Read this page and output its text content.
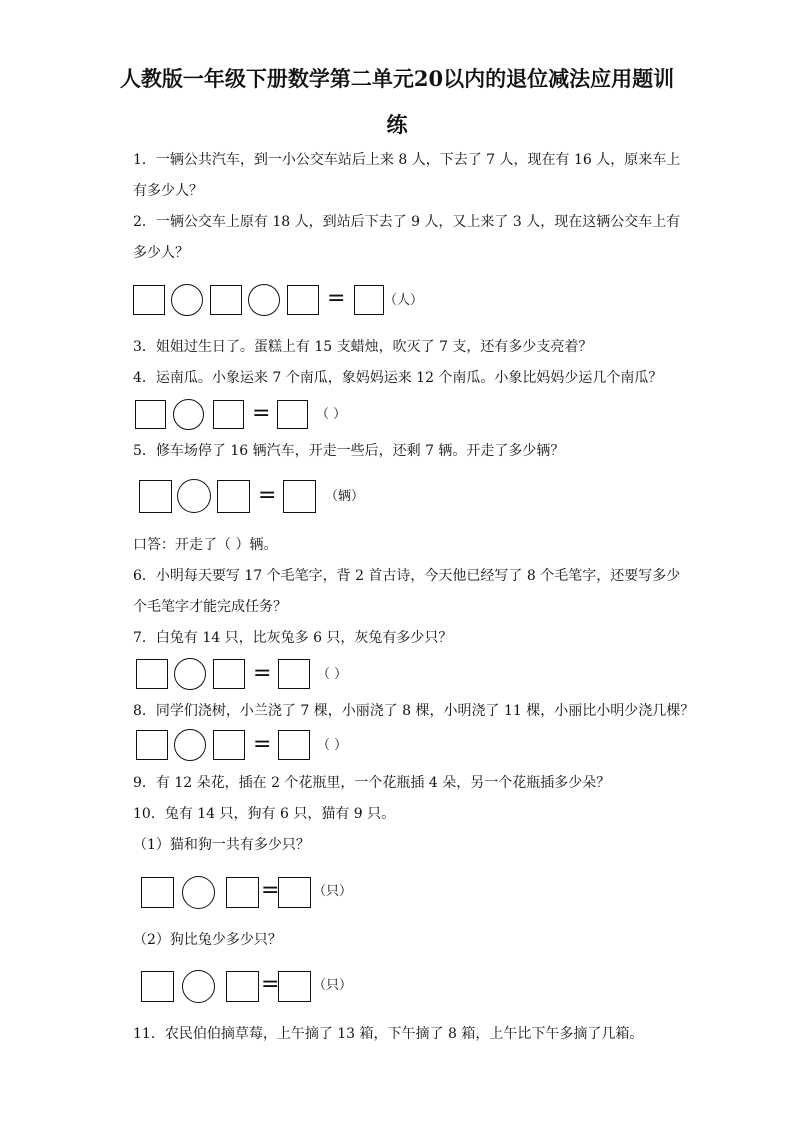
人教版一年级下册数学第二单元20以内的退位减法应用题训
练
1．一辆公共汽车，到一小公交车站后上来 8 人，下去了 7 人，现在有 16 人，原来车上
有多少人？
2．一辆公交车上原有 18 人，到站后下去了 9 人，又上来了 3 人，现在这辆公交车上有
多少人？
=	（人）
3．姐姐过生日了。蛋糕上有 15 支蜡烛，吹灭了 7 支，还有多少支亮着？
4．运南瓜。小象运来 7 个南瓜，象妈妈运来 12 个南瓜。小象比妈妈少运几个南瓜？
=	（ ）
5．修车场停了 16 辆汽车，开走一些后，还剩 7 辆。开走了多少辆？
=	（辆）
口答：开走了（ ）辆。
6．小明每天要写 17 个毛笔字，背 2 首古诗，今天他已经写了 8 个毛笔字，还要写多少
个毛笔字才能完成任务？
7．白兔有 14 只，比灰兔多 6 只，灰兔有多少只？
=	（ ）
8．同学们浇树，小兰浇了 7 棵，小丽浇了 8 棵，小明浇了 11 棵，小丽比小明少浇几棵？
=	（ ）
9．有 12 朵花，插在 2 个花瓶里，一个花瓶插 4 朵，另一个花瓶插多少朵？
10．兔有 14 只，狗有 6 只，猫有 9 只。
（1）猫和狗一共有多少只？
=	（只）
（2）狗比兔少多少只？
=	（只）
11．农民伯伯摘草莓，上午摘了 13 箱，下午摘了 8 箱，上午比下午多摘了几箱。
